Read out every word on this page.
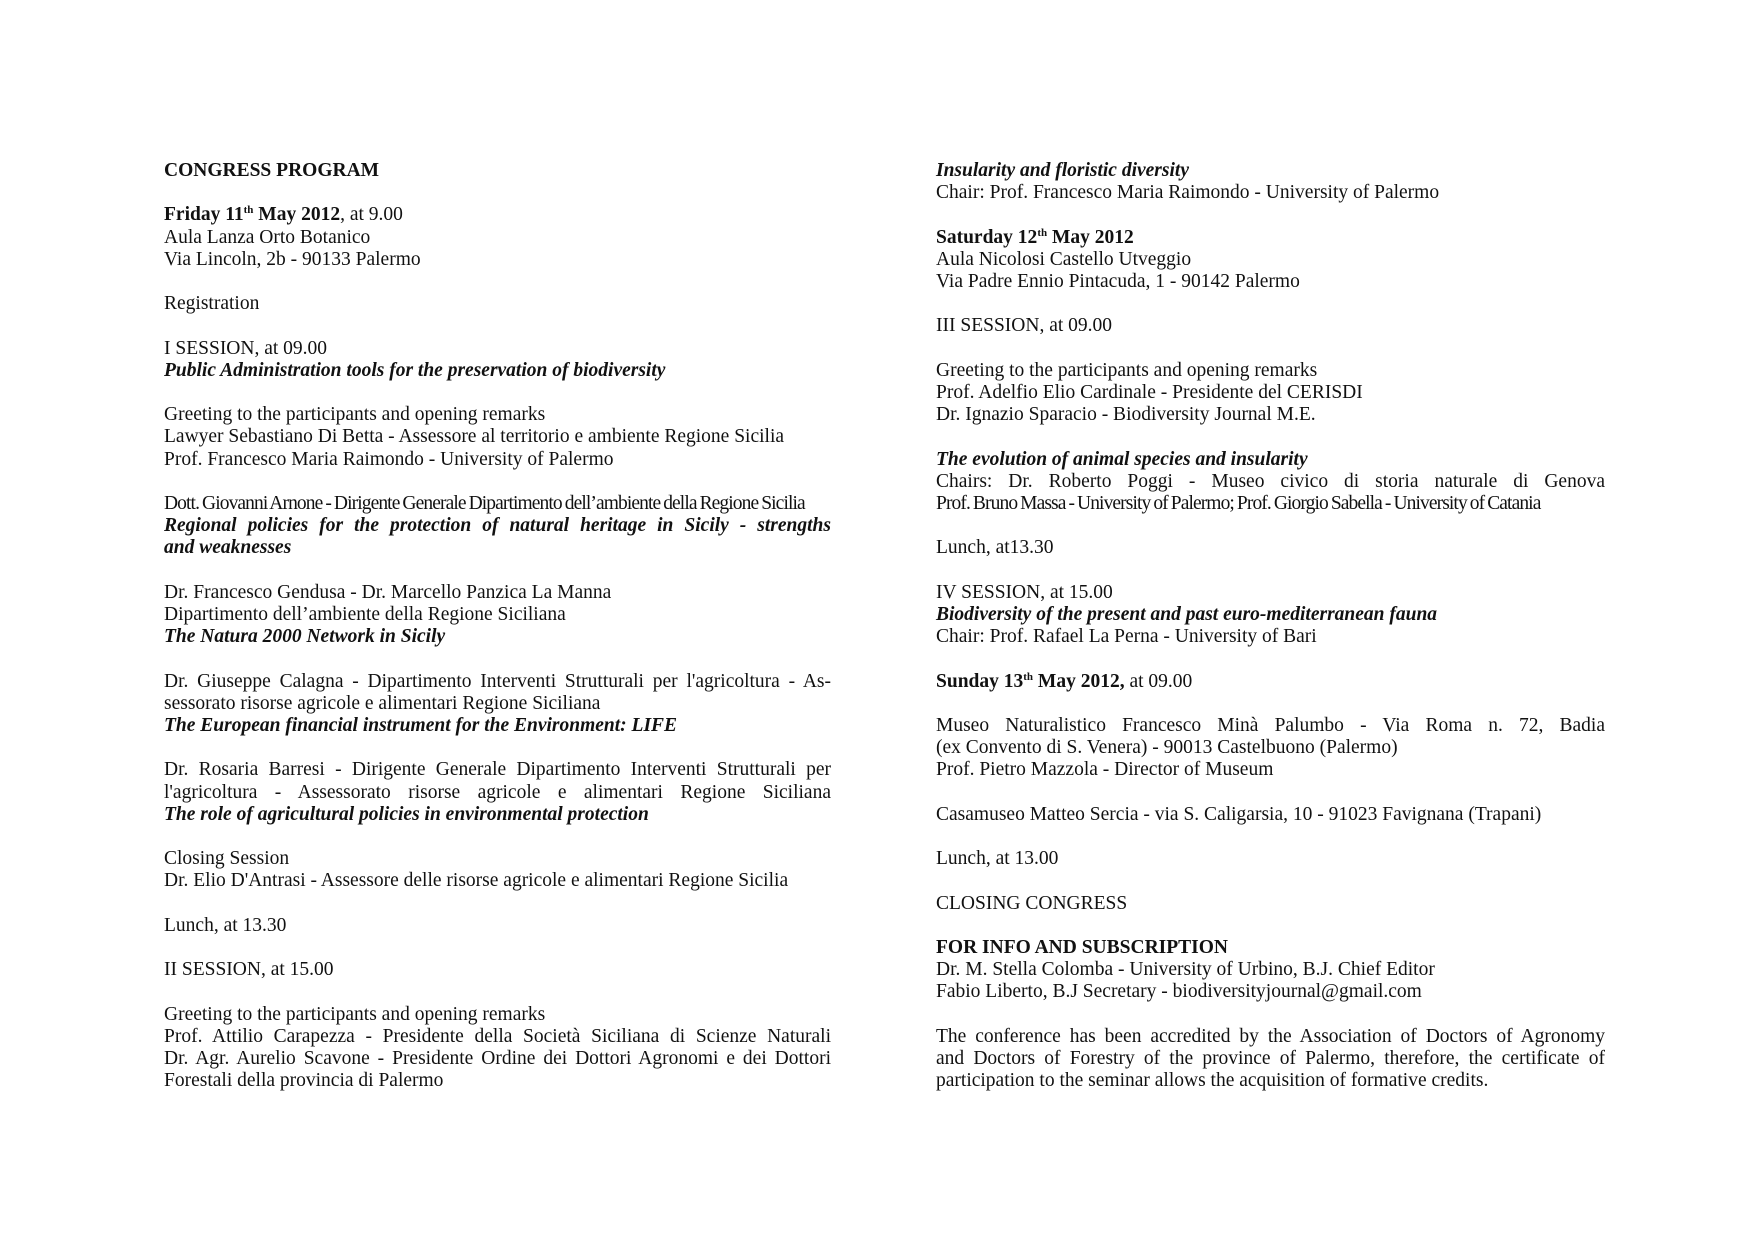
CONGRESS PROGRAM
Friday 11th May 2012, at 9.00
Aula Lanza Orto Botanico
Via Lincoln, 2b - 90133 Palermo
Registration
I SESSION, at 09.00
Public Administration tools for the preservation of biodiversity
Greeting to the participants and opening remarks
Lawyer Sebastiano Di Betta - Assessore al territorio e ambiente Regione Sicilia
Prof. Francesco Maria Raimondo - University of Palermo
Dott. Giovanni Arnone - Dirigente Generale Dipartimento dell’ambiente della Regione Sicilia
Regional policies for the protection of natural heritage in Sicily - strengths
and weaknesses
Dr. Francesco Gendusa - Dr. Marcello Panzica La Manna
Dipartimento dell’ambiente della Regione Siciliana
The Natura 2000 Network in Sicily
Dr. Giuseppe Calagna - Dipartimento Interventi Strutturali per l'agricoltura - As-
sessorato risorse agricole e alimentari Regione Siciliana
The European financial instrument for the Environment: LIFE
Dr. Rosaria Barresi - Dirigente Generale Dipartimento Interventi Strutturali per
l'agricoltura - Assessorato risorse agricole e alimentari Regione Siciliana
The role of agricultural policies in environmental protection
Closing Session
Dr. Elio D'Antrasi - Assessore delle risorse agricole e alimentari Regione Sicilia
Lunch, at 13.30
II SESSION, at 15.00
Greeting to the participants and opening remarks
Prof. Attilio Carapezza - Presidente della Società Siciliana di Scienze Naturali
Dr. Agr. Aurelio Scavone - Presidente Ordine dei Dottori Agronomi e dei Dottori
Forestali della provincia di Palermo
Insularity and floristic diversity
Chair: Prof. Francesco Maria Raimondo - University of Palermo
Saturday 12th May 2012
Aula Nicolosi Castello Utveggio
Via Padre Ennio Pintacuda, 1 - 90142 Palermo
III SESSION, at 09.00
Greeting to the participants and opening remarks
Prof. Adelfio Elio Cardinale - Presidente del CERISDI
Dr. Ignazio Sparacio - Biodiversity Journal M.E.
The evolution of animal species and insularity
Chairs: Dr. Roberto Poggi - Museo civico di storia naturale di Genova
Prof. Bruno Massa - University of Palermo; Prof. Giorgio Sabella - University of Catania
Lunch, at13.30
IV SESSION, at 15.00
Biodiversity of the present and past euro-mediterranean fauna
Chair: Prof. Rafael La Perna - University of Bari
Sunday 13th May 2012, at 09.00
Museo Naturalistico Francesco Minà Palumbo - Via Roma n. 72, Badia
(ex Convento di S. Venera) - 90013 Castelbuono (Palermo)
Prof. Pietro Mazzola - Director of Museum
Casamuseo Matteo Sercia - via S. Caligarsia, 10 - 91023 Favignana (Trapani)
Lunch, at 13.00
CLOSING CONGRESS
FOR INFO AND SUBSCRIPTION
Dr. M. Stella Colomba - University of Urbino, B.J. Chief Editor
Fabio Liberto, B.J Secretary - biodiversityjournal@gmail.com
The conference has been accredited by the Association of Doctors of Agronomy
and Doctors of Forestry of the province of Palermo, therefore, the certificate of
participation to the seminar allows the acquisition of formative credits.
